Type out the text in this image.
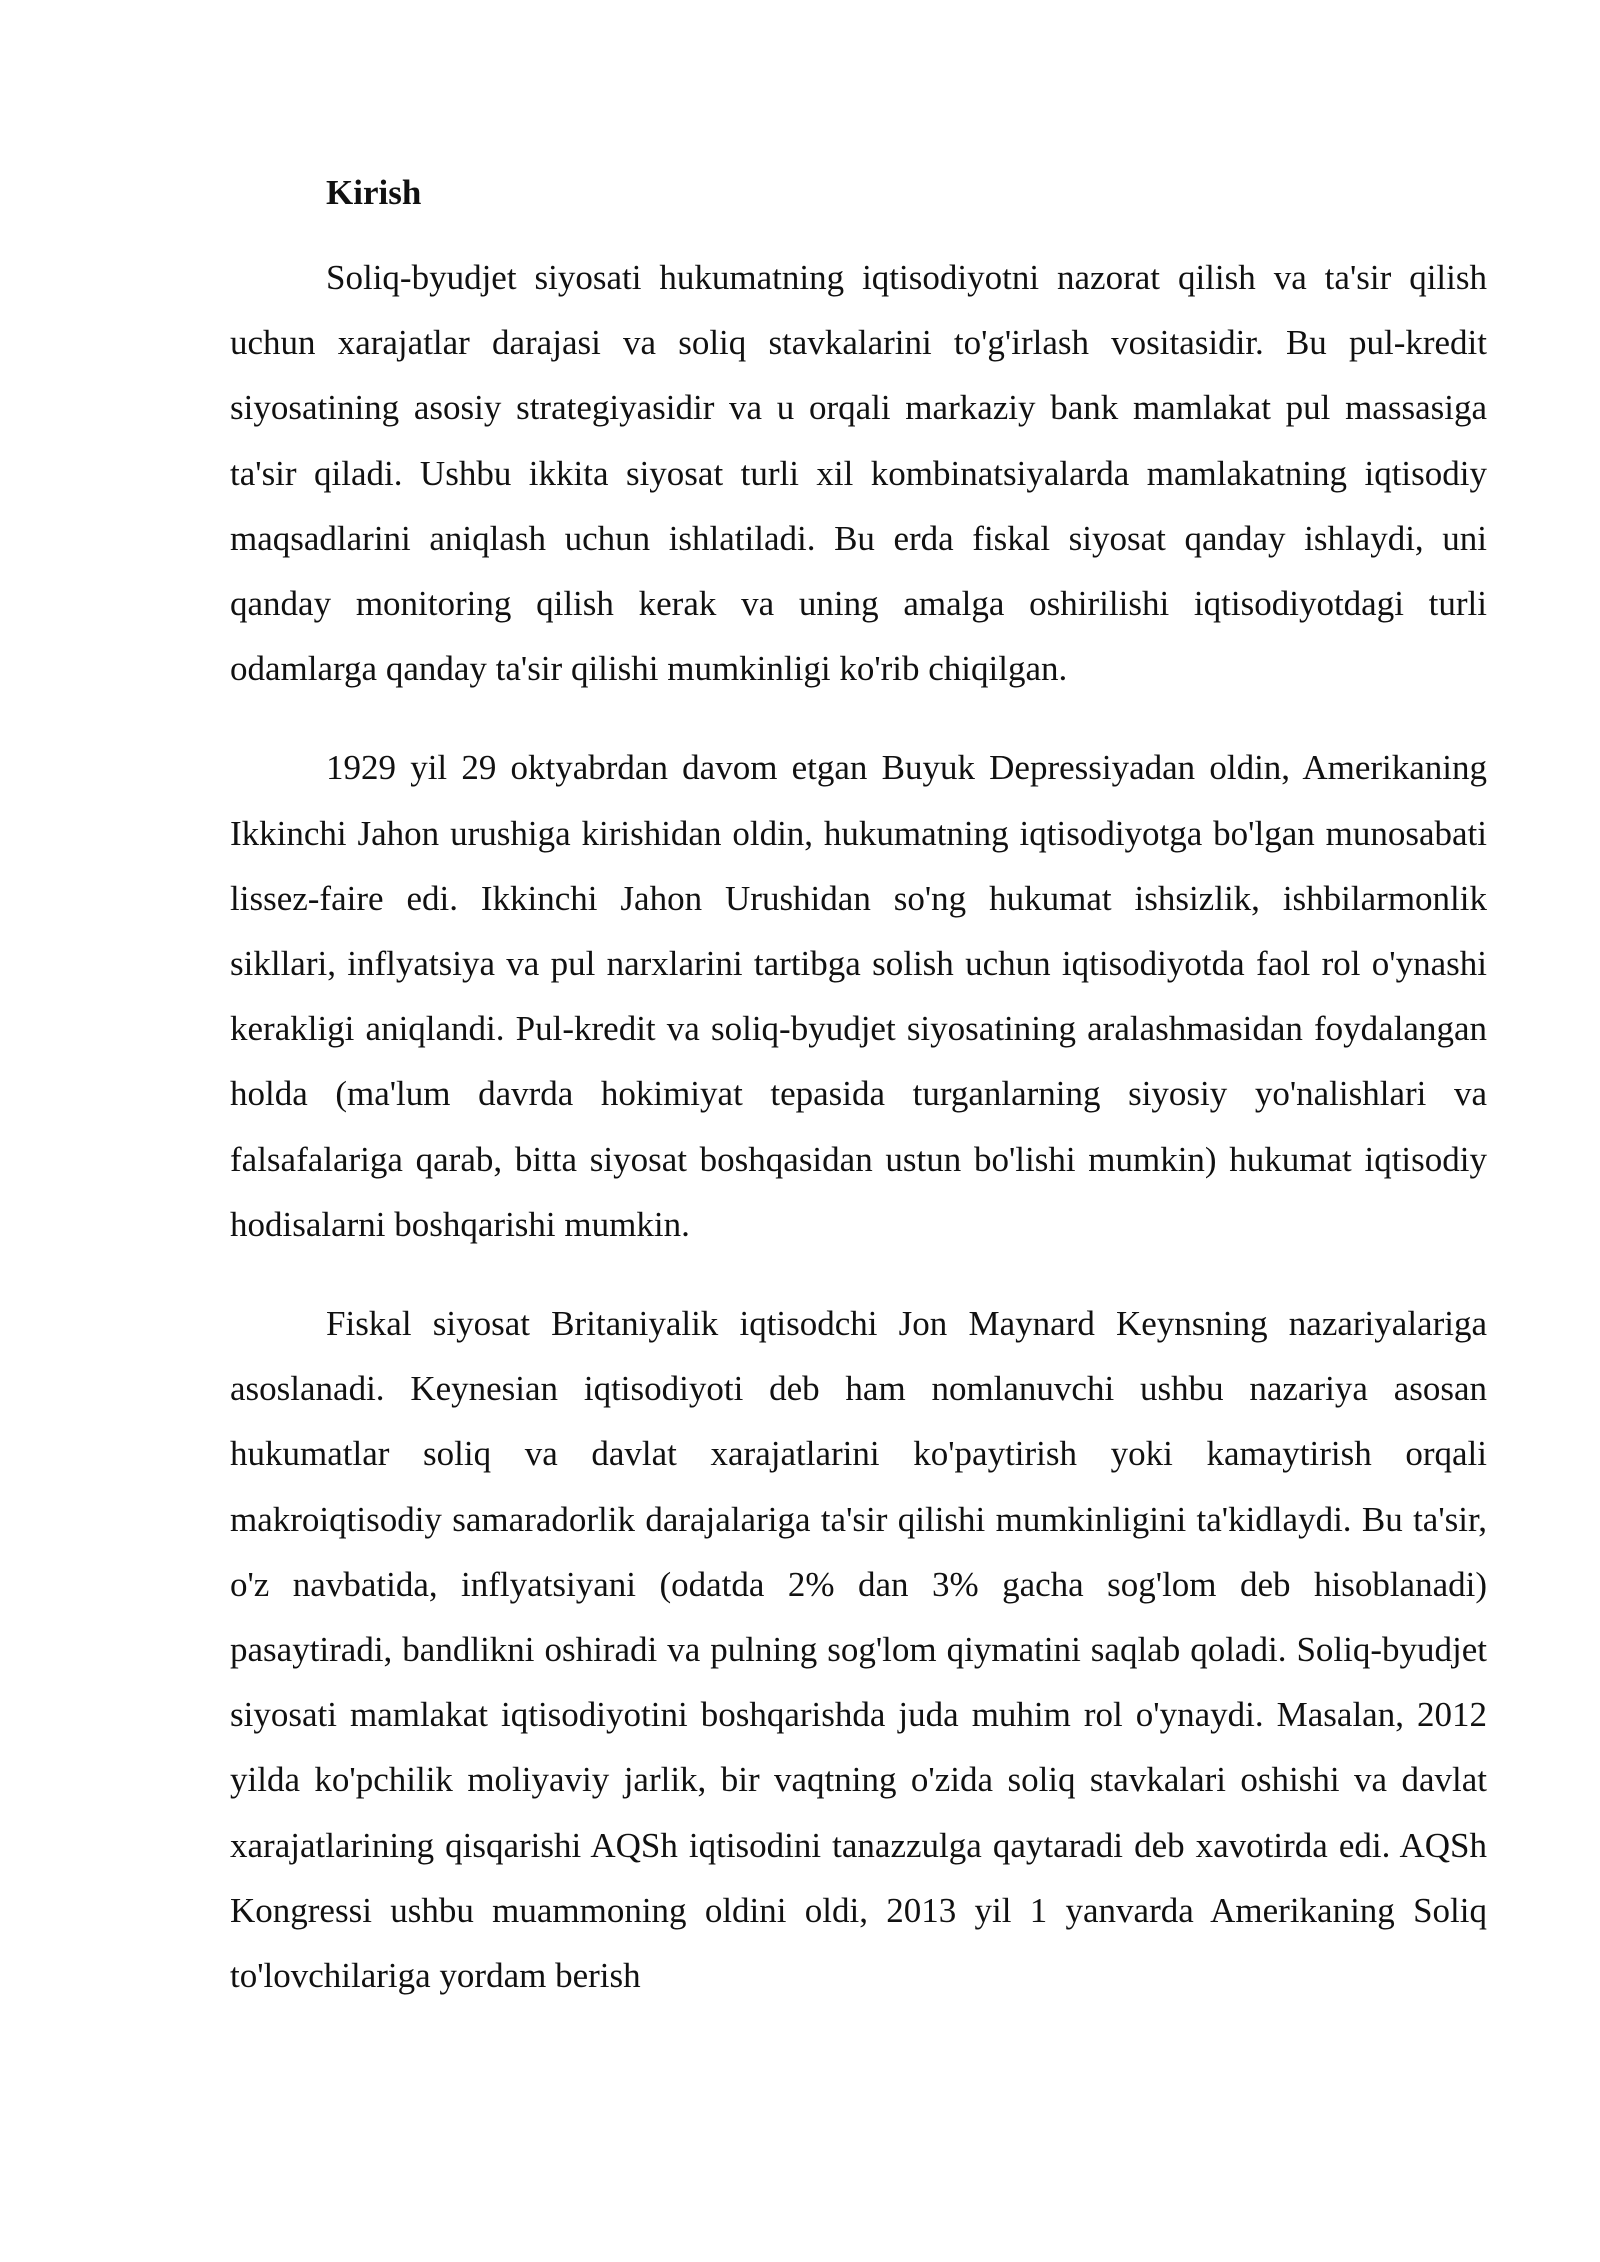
Kirish

Soliq-byudjet siyosati hukumatning iqtisodiyotni nazorat qilish va ta'sir qilish uchun xarajatlar darajasi va soliq stavkalarini to'g'irlash vositasidir. Bu pul-kredit siyosatining asosiy strategiyasidir va u orqali markaziy bank mamlakat pul massasiga ta'sir qiladi. Ushbu ikkita siyosat turli xil kombinatsiyalarda mamlakatning iqtisodiy maqsadlarini aniqlash uchun ishlatiladi. Bu erda fiskal siyosat qanday ishlaydi, uni qanday monitoring qilish kerak va uning amalga oshirilishi iqtisodiyotdagi turli odamlarga qanday ta'sir qilishi mumkinligi ko'rib chiqilgan.

1929 yil 29 oktyabrdan davom etgan Buyuk Depressiyadan oldin, Amerikaning Ikkinchi Jahon urushiga kirishidan oldin, hukumatning iqtisodiyotga bo'lgan munosabati lissez-faire edi. Ikkinchi Jahon Urushidan so'ng hukumat ishsizlik, ishbilarmonlik sikllari, inflyatsiya va pul narxlarini tartibga solish uchun iqtisodiyotda faol rol o'ynashi kerakligi aniqlandi. Pul-kredit va soliq-byudjet siyosatining aralashmasidan foydalangan holda (ma'lum davrda hokimiyat tepasida turganlarning siyosiy yo'nalishlari va falsafalariga qarab, bitta siyosat boshqasidan ustun bo'lishi mumkin) hukumat iqtisodiy hodisalarni boshqarishi mumkin.

Fiskal siyosat Britaniyalik iqtisodchi Jon Maynard Keynsning nazariyalariga asoslanadi. Keynesian iqtisodiyoti deb ham nomlanuvchi ushbu nazariya asosan hukumatlar soliq va davlat xarajatlarini ko'paytirish yoki kamaytirish orqali makroiqtisodiy samaradorlik darajalariga ta'sir qilishi mumkinligini ta'kidlaydi. Bu ta'sir, o'z navbatida, inflyatsiyani (odatda 2% dan 3% gacha sog'lom deb hisoblanadi) pasaytiradi, bandlikni oshiradi va pulning sog'lom qiymatini saqlab qoladi. Soliq-byudjet siyosati mamlakat iqtisodiyotini boshqarishda juda muhim rol o'ynaydi. Masalan, 2012 yilda ko'pchilik moliyaviy jarlik, bir vaqtning o'zida soliq stavkalari oshishi va davlat xarajatlarining qisqarishi AQSh iqtisodini tanazzulga qaytaradi deb xavotirda edi. AQSh Kongressi ushbu muammoning oldini oldi, 2013 yil 1 yanvarda Amerikaning Soliq to'lovchilariga yordam berish
